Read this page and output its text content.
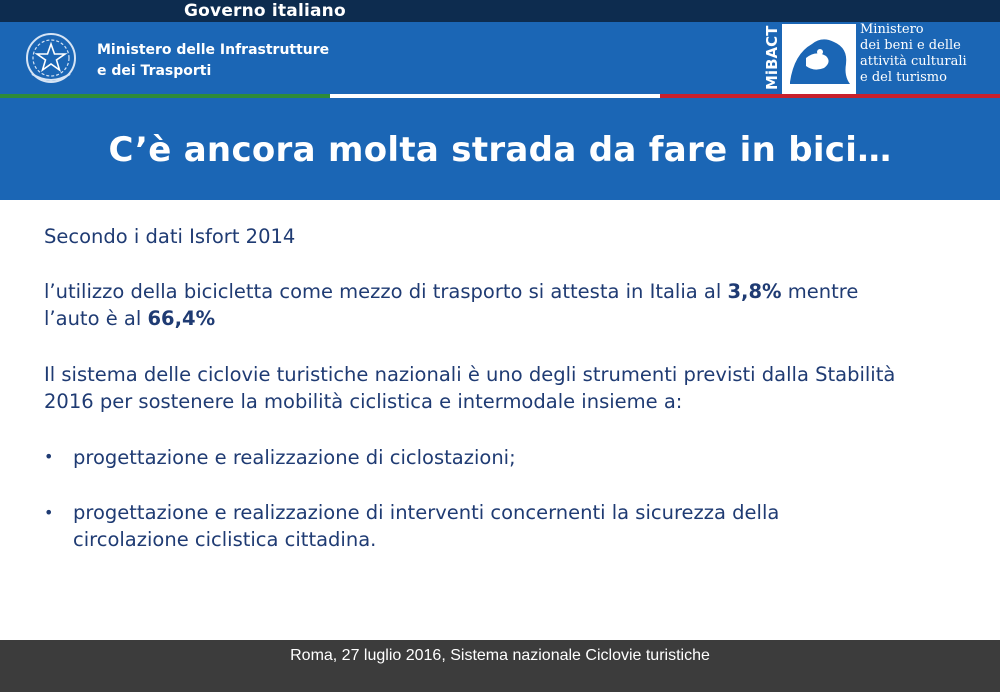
Governo italiano
Ministero delle Infrastrutture
e dei Trasporti	MiBACT	Ministero
dei beni e delle
attività culturali
e del turismo
C’è ancora molta strada da fare in bici…
Secondo i dati Isfort 2014
l’utilizzo della bicicletta come mezzo di trasporto si attesta in Italia al 3,8% mentre
l’auto è al 66,4%
Il sistema delle ciclovie turistiche nazionali è uno degli strumenti previsti dalla Stabilità
2016 per sostenere la mobilità ciclistica e intermodale insieme a:
• progettazione e realizzazione di ciclostazioni;
• progettazione e realizzazione di interventi concernenti la sicurezza della
circolazione ciclistica cittadina.
Roma, 27 luglio 2016, Sistema nazionale Ciclovie turistiche
